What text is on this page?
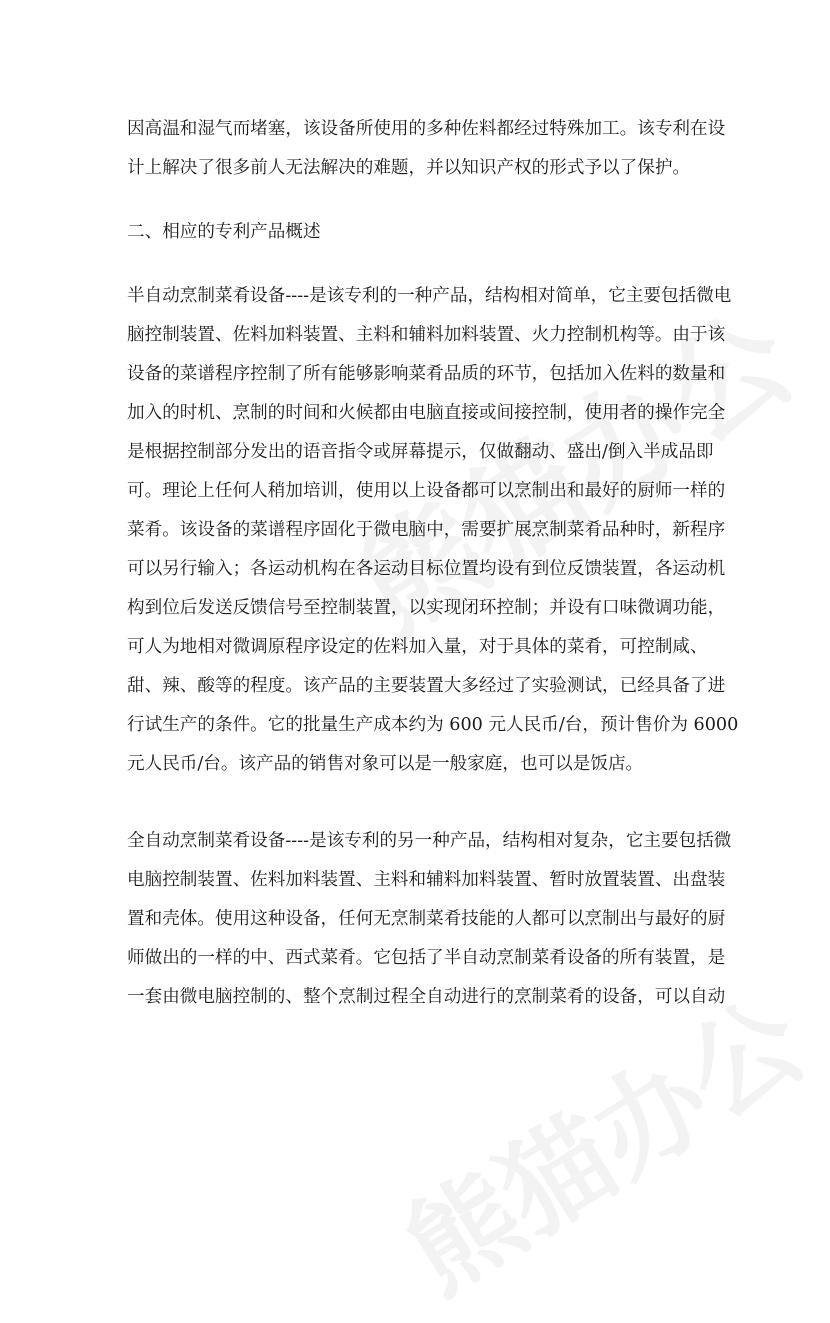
因高温和湿气而堵塞，该设备所使用的多种佐料都经过特殊加工。该专利在设
计上解决了很多前人无法解决的难题，并以知识产权的形式予以了保护。
二、相应的专利产品概述
半自动烹制菜肴设备----是该专利的一种产品，结构相对简单，它主要包括微电
脑控制装置、佐料加料装置、主料和辅料加料装置、火力控制机构等。由于该
设备的菜谱程序控制了所有能够影响菜肴品质的环节，包括加入佐料的数量和
加入的时机、烹制的时间和火候都由电脑直接或间接控制，使用者的操作完全
是根据控制部分发出的语音指令或屏幕提示，仅做翻动、盛出/倒入半成品即
可。理论上任何人稍加培训，使用以上设备都可以烹制出和最好的厨师一样的
菜肴。该设备的菜谱程序固化于微电脑中，需要扩展烹制菜肴品种时，新程序
可以另行输入；各运动机构在各运动目标位置均设有到位反馈装置，各运动机
构到位后发送反馈信号至控制装置，以实现闭环控制；并设有口味微调功能，
可人为地相对微调原程序设定的佐料加入量，对于具体的菜肴，可控制咸、
甜、辣、酸等的程度。该产品的主要装置大多经过了实验测试，已经具备了进
行试生产的条件。它的批量生产成本约为 600 元人民币/台，预计售价为 6000
元人民币/台。该产品的销售对象可以是一般家庭，也可以是饭店。
全自动烹制菜肴设备----是该专利的另一种产品，结构相对复杂，它主要包括微
电脑控制装置、佐料加料装置、主料和辅料加料装置、暂时放置装置、出盘装
置和壳体。使用这种设备，任何无烹制菜肴技能的人都可以烹制出与最好的厨
师做出的一样的中、西式菜肴。它包括了半自动烹制菜肴设备的所有装置，是
一套由微电脑控制的、整个烹制过程全自动进行的烹制菜肴的设备，可以自动
